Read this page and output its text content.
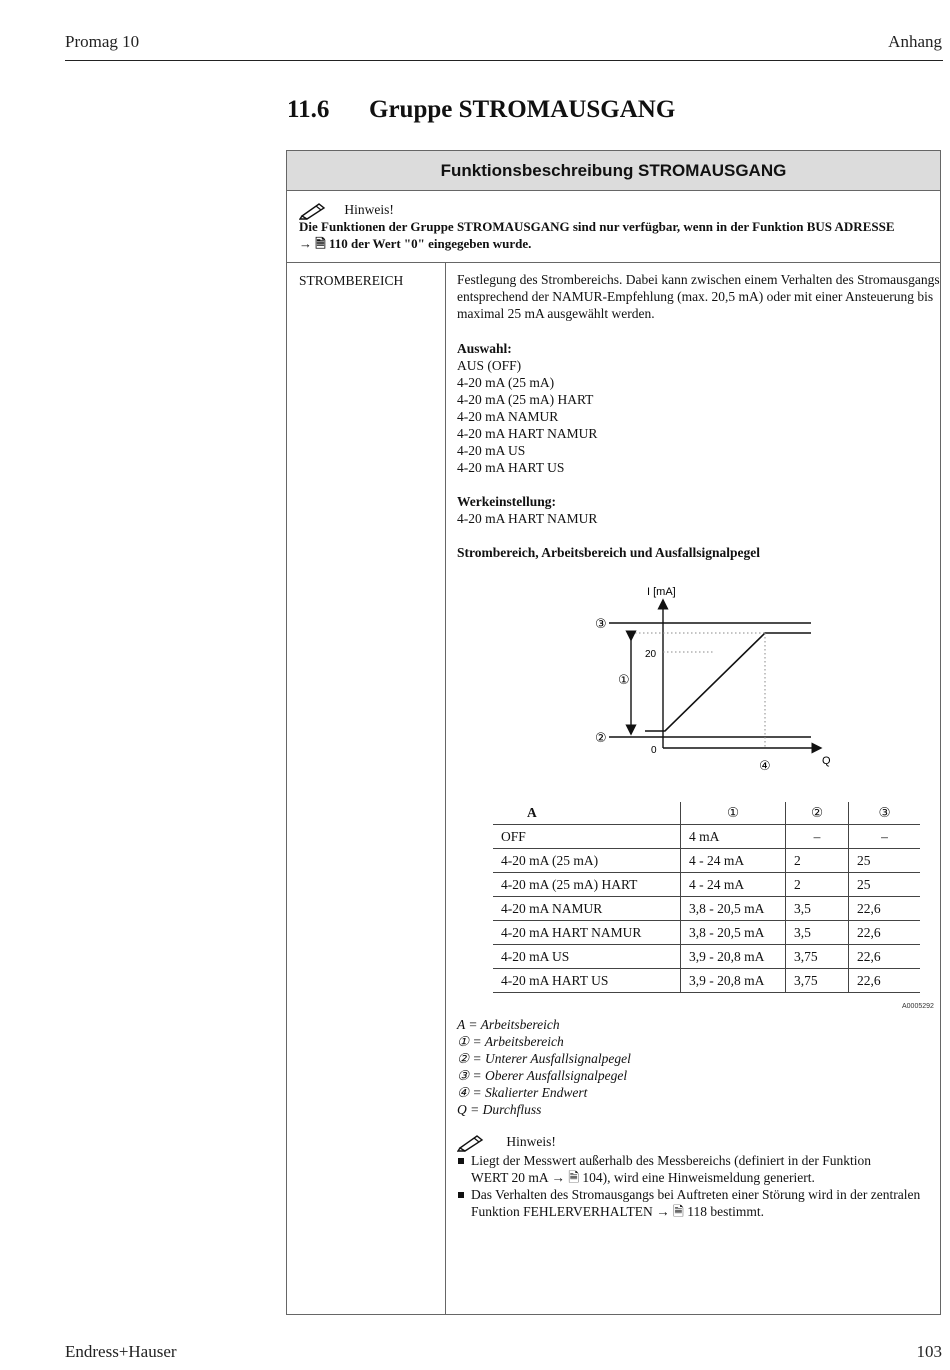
Promag 10	Anhang
11.6 Gruppe STROMAUSGANG
Funktionsbeschreibung STROMAUSGANG
Hinweis!
Die Funktionen der Gruppe STROMAUSGANG sind nur verfügbar, wenn in der Funktion BUS ADRESSE
→ 🗎 110 der Wert "0" eingegeben wurde.
STROMBEREICH	Festlegung des Strombereichs. Dabei kann zwischen einem Verhalten des Stromausgangs
entsprechend der NAMUR-Empfehlung (max. 20,5 mA) oder mit einer Ansteuerung bis
maximal 25 mA ausgewählt werden.
Auswahl:
AUS (OFF)
4-20 mA (25 mA)
4-20 mA (25 mA) HART
4-20 mA NAMUR
4-20 mA HART NAMUR
4-20 mA US
4-20 mA HART US
Werkeinstellung:
4-20 mA HART NAMUR
Strombereich, Arbeitsbereich und Ausfallsignalpegel
I [mA]
Q
20
0
③
②
①
④
A	①	②	③
OFF	4 mA	–	–
4-20 mA (25 mA)	4 - 24 mA	2	25
4-20 mA (25 mA) HART	4 - 24 mA	2	25
4-20 mA NAMUR	3,8 - 20,5 mA	3,5	22,6
4-20 mA HART NAMUR	3,8 - 20,5 mA	3,5	22,6
4-20 mA US	3,9 - 20,8 mA	3,75	22,6
4-20 mA HART US	3,9 - 20,8 mA	3,75	22,6
A0005292
A = Arbeitsbereich
① = Arbeitsbereich
② = Unterer Ausfallsignalpegel
③ = Oberer Ausfallsignalpegel
④ = Skalierter Endwert
Q = Durchfluss
Hinweis!
Liegt der Messwert außerhalb des Messbereichs (definiert in der Funktion
WERT 20 mA → 🗎 104), wird eine Hinweismeldung generiert.
Das Verhalten des Stromausgangs bei Auftreten einer Störung wird in der zentralen
Funktion FEHLERVERHALTEN → 🗎 118 bestimmt.
Endress+Hauser	103
